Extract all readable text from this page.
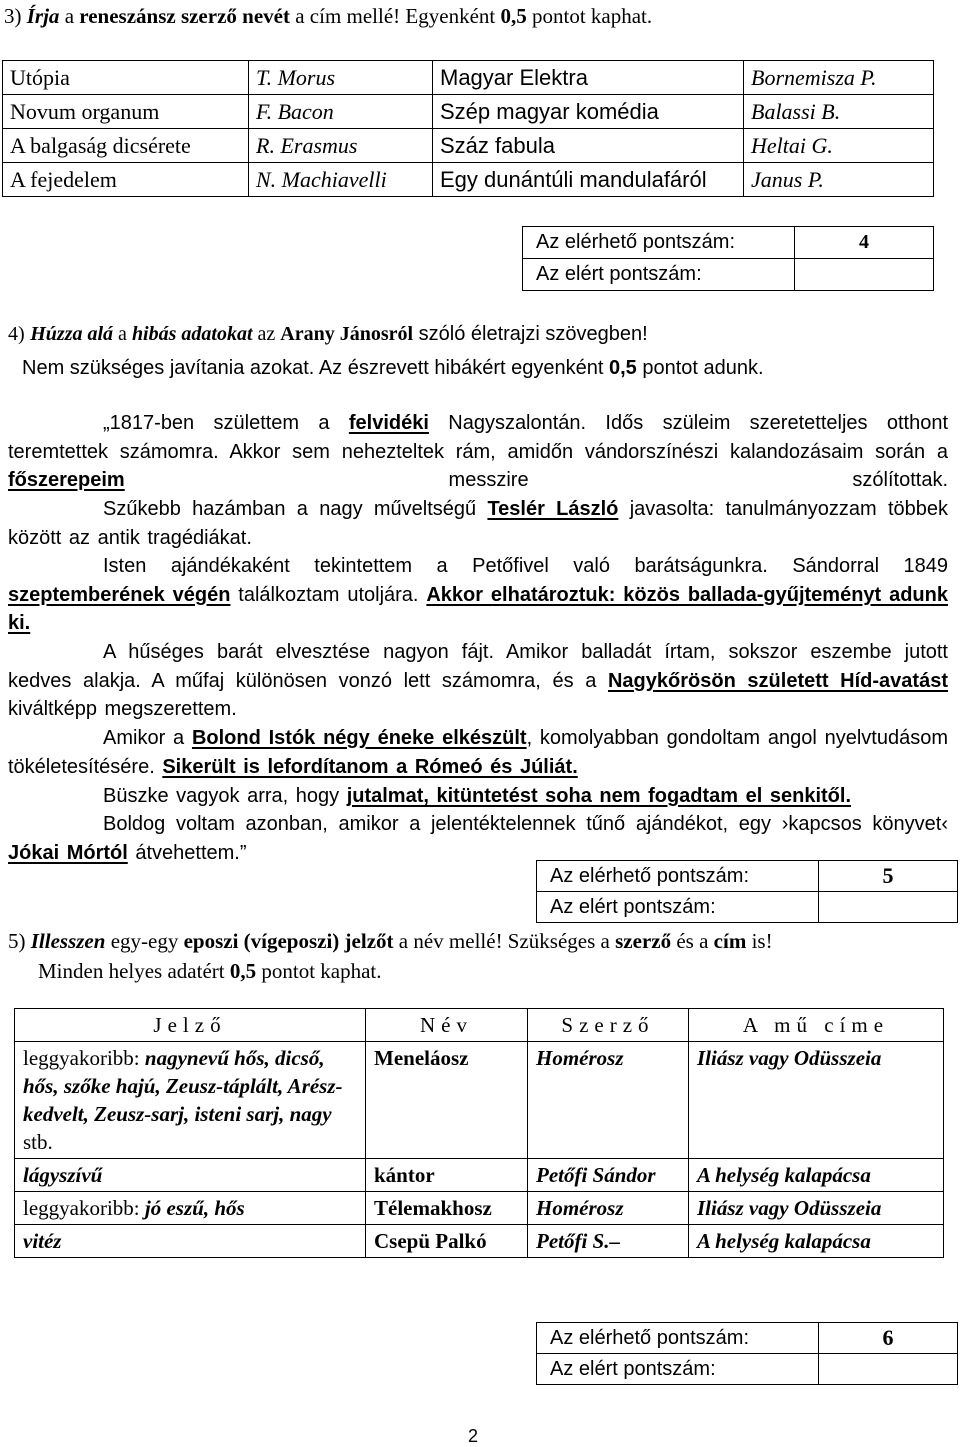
3) Írja a reneszánsz szerző nevét a cím mellé! Egyenként 0,5 pontot kaphat.
Utópia	T. Morus	Magyar Elektra	Bornemisza P.
Novum organum	F. Bacon	Szép magyar komédia	Balassi B.
A balgaság dicsérete	R. Erasmus	Száz fabula	Heltai G.
A fejedelem	N. Machiavelli	Egy dunántúli mandulafáról	Janus P.
Az elérhető pontszám:	4
Az elért pontszám:	
4) Húzza alá a hibás adatokat az Arany Jánosról szóló életrajzi szövegben!
Nem szükséges javítania azokat. Az észrevett hibákért egyenként 0,5 pontot adunk.
„1817-ben születtem a felvidéki Nagyszalontán. Idős szüleim szeretetteljes otthont teremtettek számomra. Akkor sem nehezteltek rám, amidőn vándorszínészi kalandozásaim során a főszerepeim messzire szólítottak.
Szűkebb hazámban a nagy műveltségű Teslér László javasolta: tanulmányozzam többek között az antik tragédiákat.
Isten ajándékaként tekintettem a Petőfivel való barátságunkra. Sándorral 1849 szeptemberének végén találkoztam utoljára. Akkor elhatároztuk: közös ballada-gyűjteményt adunk ki.
A hűséges barát elvesztése nagyon fájt. Amikor balladát írtam, sokszor eszembe jutott kedves alakja. A műfaj különösen vonzó lett számomra, és a Nagykőrösön született Híd-avatást kiváltképp megszerettem.
Amikor a Bolond Istók négy éneke elkészült, komolyabban gondoltam angol nyelvtudásom tökéletesítésére. Sikerült is lefordítanom a Rómeó és Júliát.
Büszke vagyok arra, hogy jutalmat, kitüntetést soha nem fogadtam el senkitől.
Boldog voltam azonban, amikor a jelentéktelennek tűnő ajándékot, egy ›kapcsos könyvet‹ Jókai Mórtól átvehettem.”
Az elérhető pontszám:	5
Az elért pontszám:	
5) Illesszen egy-egy eposzi (vígeposzi) jelzőt a név mellé! Szükséges a szerző és a cím is!
Minden helyes adatért 0,5 pontot kaphat.
Jelző	Név	Szerző	A mű címe
leggyakoribb: nagynevű hős, dicső, hős, szőke hajú, Zeusz-táplált, Arész-kedvelt, Zeusz-sarj, isteni sarj, nagy stb.	Meneláosz	Homérosz	Iliász vagy Odüsszeia
lágyszívű	kántor	Petőfi Sándor	A helység kalapácsa
leggyakoribb: jó eszű, hős	Télemakhosz	Homérosz	Iliász vagy Odüsszeia
vitéz	Csepü Palkó	Petőfi S.–	A helység kalapácsa
Az elérhető pontszám:	6
Az elért pontszám:	
2
